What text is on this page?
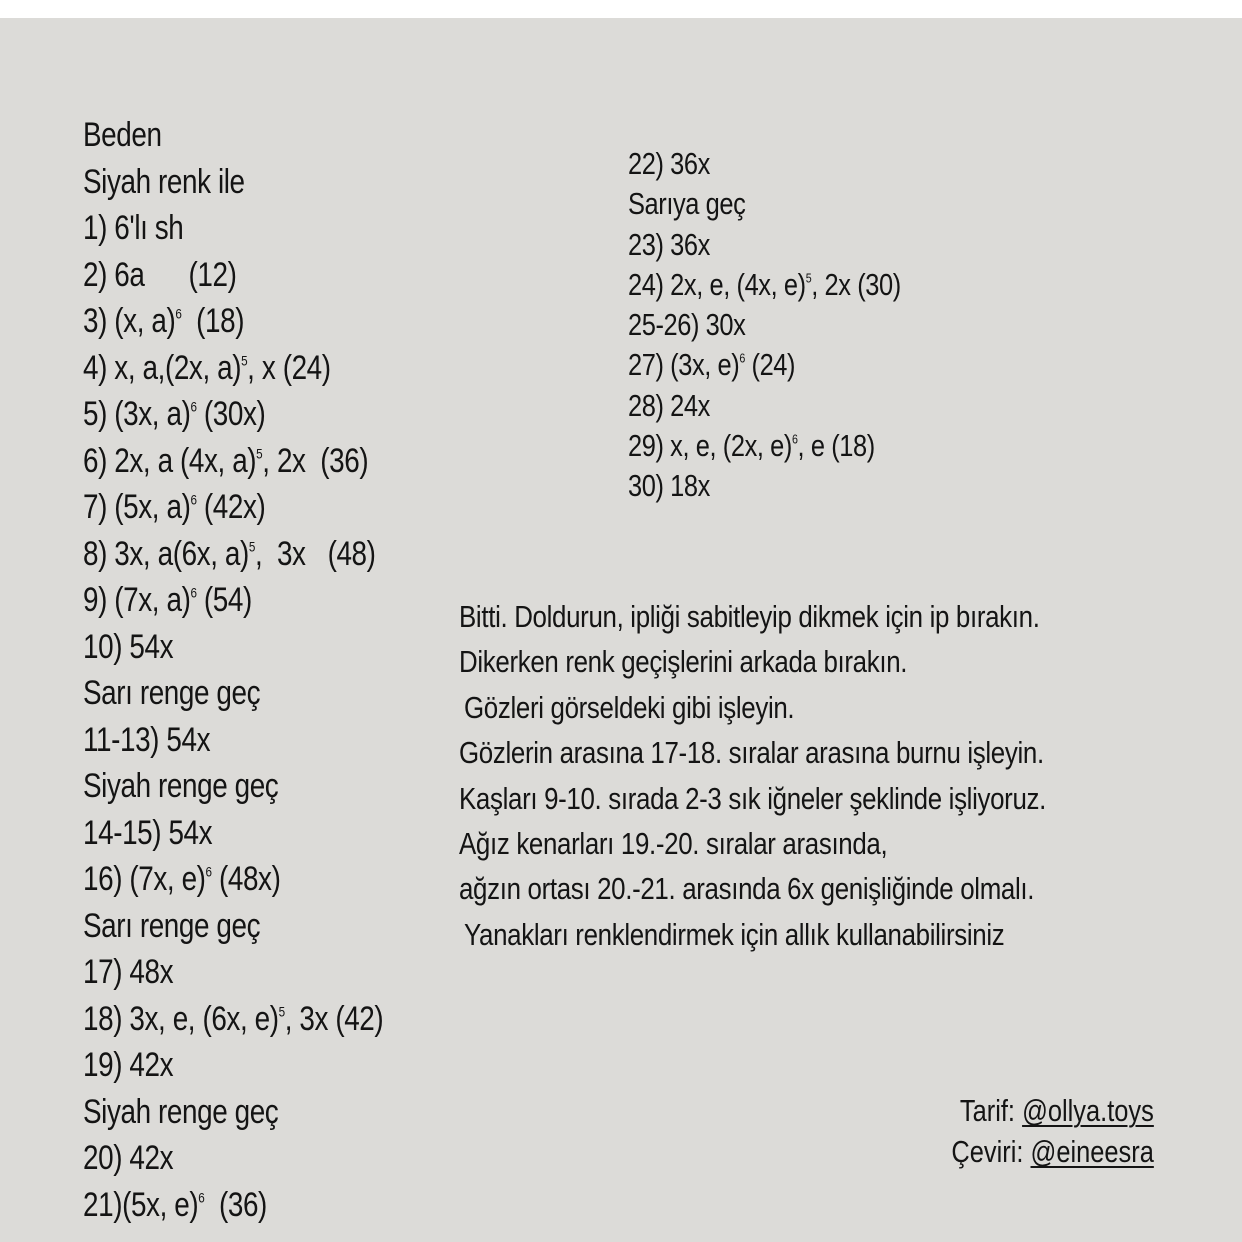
Beden
Siyah renk ile
1) 6'lı sh
2) 6a      (12)
3) (x, a)$^6$  (18)
4) x, a,(2x, a)$^5$, x (24)
5) (3x, a)$^6$ (30x)
6) 2x, a (4x, a)$^5$, 2x  (36)
7) (5x, a)$^6$ (42x)
8) 3x, a(6x, a)$^5$,  3x   (48)
9) (7x, a)$^6$ (54)
10) 54x
Sarı renge geç
11-13) 54x
Siyah renge geç
14-15) 54x
16) (7x, e)$^6$ (48x)
Sarı renge geç
17) 48x
18) 3x, e, (6x, e)$^5$, 3x (42)
19) 42x
Siyah renge geç
20) 42x
21)(5x, e)$^6$  (36)
22) 36x
Sarıya geç
23) 36x
24) 2x, e, (4x, e)$^5$, 2x (30)
25-26) 30x
27) (3x, e)$^6$ (24)
28) 24x
29) x, e, (2x, e)$^6$, e (18)
30) 18x
Bitti. Doldurun, ipliği sabitleyip dikmek için ip bırakın.
Dikerken renk geçişlerini arkada bırakın.
Gözleri görseldeki gibi işleyin.
Gözlerin arasına 17-18. sıralar arasına burnu işleyin.
Kaşları 9-10. sırada 2-3 sık iğneler şeklinde işliyoruz.
Ağız kenarları 19.-20. sıralar arasında,
ağzın ortası 20.-21. arasında 6x genişliğinde olmalı.
Yanakları renklendirmek için allık kullanabilirsiniz
Tarif: @ollya.toys
Çeviri: @eineesra
